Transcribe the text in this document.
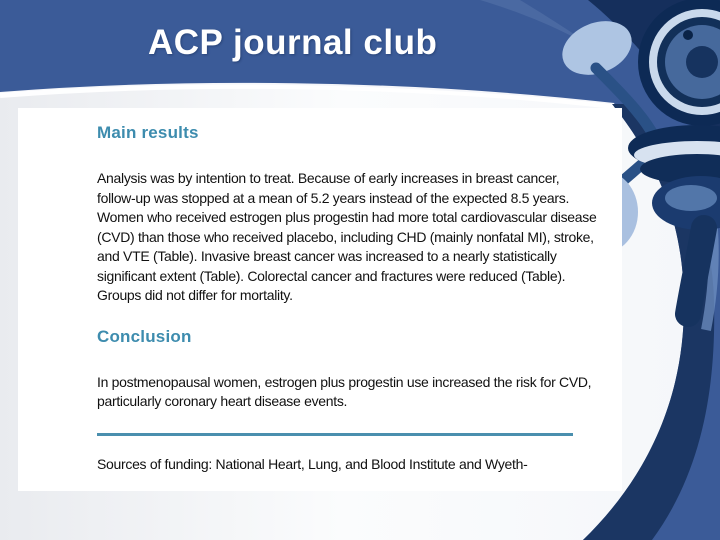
ACP journal club
Main results

Analysis was by intention to treat. Because of early increases in breast cancer, follow-up was stopped at a mean of 5.2 years instead of the expected 8.5 years. Women who received estrogen plus progestin had more total cardiovascular disease (CVD) than those who received placebo, including CHD (mainly nonfatal MI), stroke, and VTE (Table). Invasive breast cancer was increased to a nearly statistically significant extent (Table). Colorectal cancer and fractures were reduced (Table). Groups did not differ for mortality.

Conclusion

In postmenopausal women, estrogen plus progestin use increased the risk for CVD, particularly coronary heart disease events.

Sources of funding: National Heart, Lung, and Blood Institute and Wyeth-
